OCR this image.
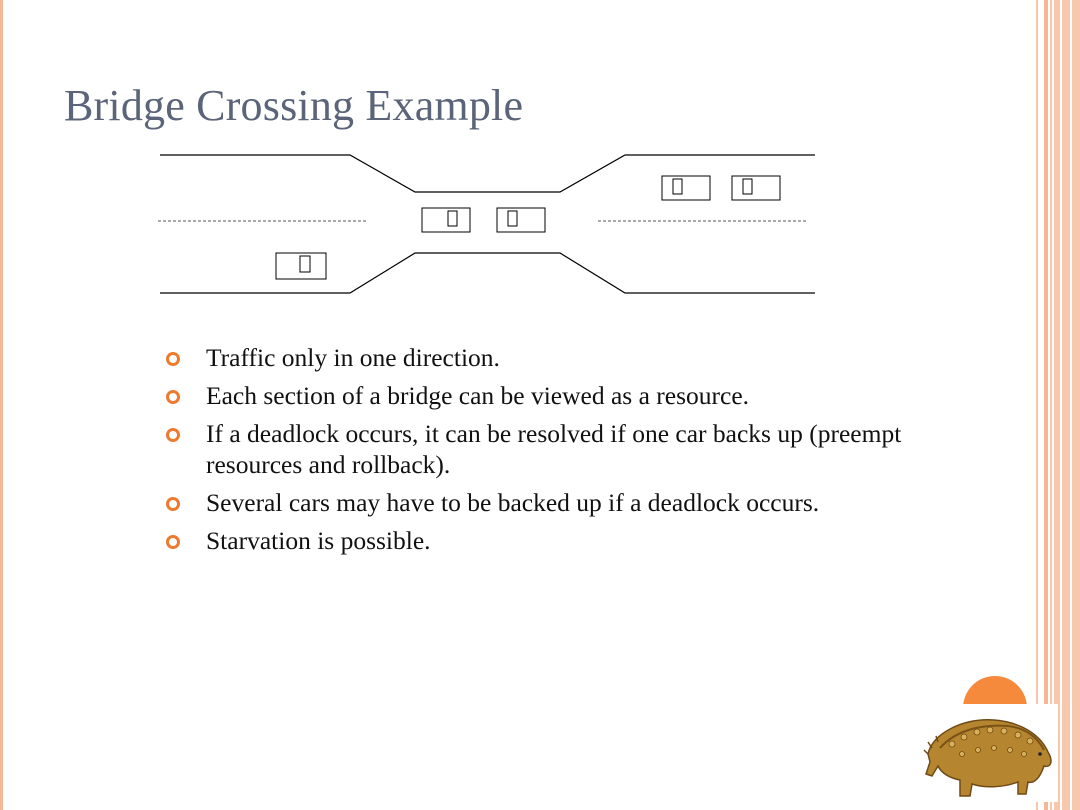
Bridge Crossing Example
Traffic only in one direction.
Each section of a bridge can be viewed as a resource.
If a deadlock occurs, it can be resolved if one car backs up (preempt resources and rollback).
Several cars may have to be backed up if a deadlock occurs.
Starvation is possible.
